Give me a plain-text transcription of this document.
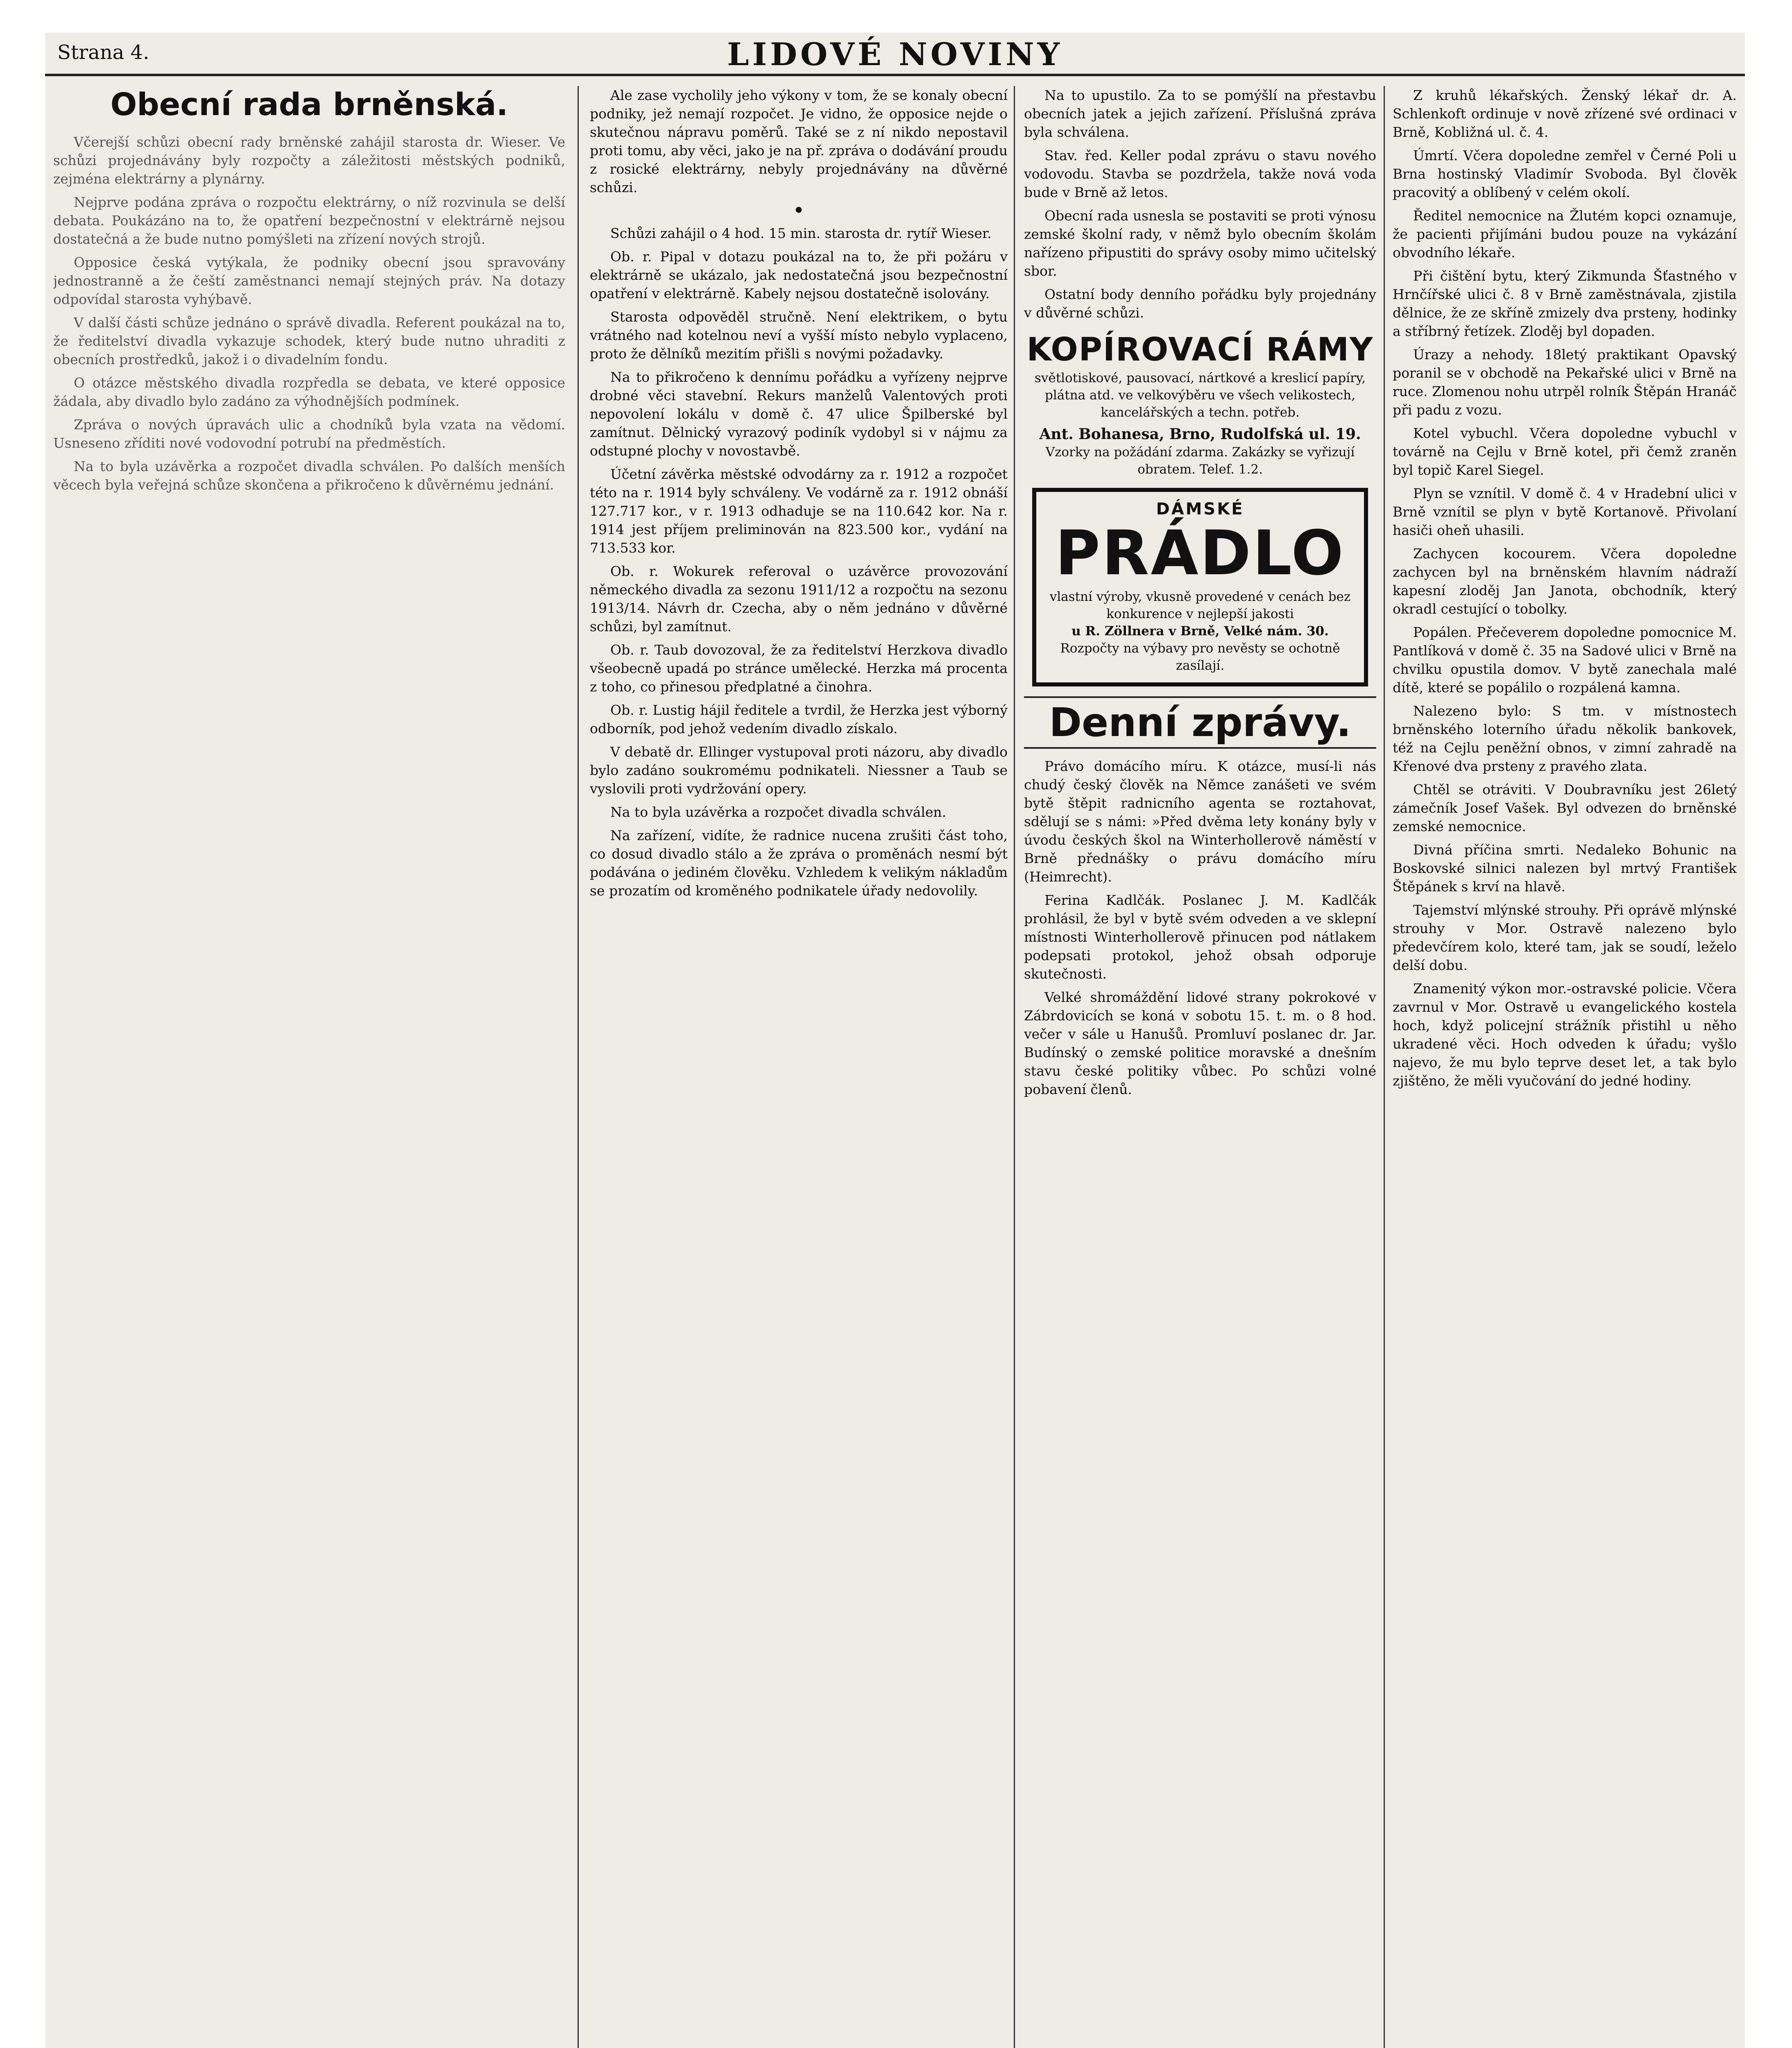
Strana 4.	LIDOVÉ NOVINY
Obecní rada brněnská.

Včerejší schůzi obecní rady brněnské zahájil starosta dr. Wieser. Ve schůzi projednávány byly rozpočty a záležitosti městských podniků, zejména elektrárny a plynárny.

Nejprve podána zpráva o rozpočtu elektrárny, o níž rozvinula se delší debata. Poukázáno na to, že opatření bezpečnostní v elektrárně nejsou dostatečná a že bude nutno pomýšleti na zřízení nových strojů.

Opposice česká vytýkala, že podniky obecní jsou spravovány jednostranně a že čeští zaměstnanci nemají stejných práv. Na dotazy odpovídal starosta vyhýbavě.

V další části schůze jednáno o správě divadla. Referent poukázal na to, že ředitelství divadla vykazuje schodek, který bude nutno uhraditi z obecních prostředků, jakož i o divadelním fondu.

O otázce městského divadla rozpředla se debata, ve které opposice žádala, aby divadlo bylo zadáno za výhodnějších podmínek.

Zpráva o nových úpravách ulic a chodníků byla vzata na vědomí. Usneseno zříditi nové vodovodní potrubí na předměstích.

Na to byla uzávěrka a rozpočet divadla schválen. Po dalších menších věcech byla veřejná schůze skončena a přikročeno k důvěrnému jednání.

Ale zase vycholily jeho výkony v tom, že se konaly obecní podniky, jež nemají rozpočet. Je vidno, že opposice nejde o skutečnou nápravu poměrů. Také se z ní nikdo nepostavil proti tomu, aby věci, jako je na př. zpráva o dodávání proudu z rosické elektrárny, nebyly projednávány na důvěrné schůzi.

•

Schůzi zahájil o 4 hod. 15 min. starosta dr. rytíř Wieser.

Ob. r. Pipal v dotazu poukázal na to, že při požáru v elektrárně se ukázalo, jak nedostatečná jsou bezpečnostní opatření v elektrárně. Kabely nejsou dostatečně isolovány.

Starosta odpověděl stručně. Není elektrikem, o bytu vrátného nad kotelnou neví a vyšší místo nebylo vyplaceno, proto že dělníků mezitím přišli s novými požadavky.

Na to přikročeno k dennímu pořádku a vyřízeny nejprve drobné věci stavební. Rekurs manželů Valentových proti nepovolení lokálu v domě č. 47 ulice Špilberské byl zamítnut. Dělnický vyrazový podiník vydobyl si v nájmu za odstupné plochy v novostavbě.

Účetní závěrka městské odvodárny za r. 1912 a rozpočet této na r. 1914 byly schváleny. Ve vodárně za r. 1912 obnáší 127.717 kor., v r. 1913 odhaduje se na 110.642 kor. Na r. 1914 jest příjem preliminován na 823.500 kor., vydání na 713.533 kor.

Ob. r. Wokurek referoval o uzávěrce provozování německého divadla za sezonu 1911/12 a rozpočtu na sezonu 1913/14. Návrh dr. Czecha, aby o něm jednáno v důvěrné schůzi, byl zamítnut.

Ob. r. Taub dovozoval, že za ředitelství Herzkova divadlo všeobecně upadá po stránce umělecké. Herzka má procenta z toho, co přinesou předplatné a činohra.

Ob. r. Lustig hájil ředitele a tvrdil, že Herzka jest výborný odborník, pod jehož vedením divadlo získalo.

V debatě dr. Ellinger vystupoval proti názoru, aby divadlo bylo zadáno soukromému podnikateli. Niessner a Taub se vyslovili proti vydržování opery.

Na to byla uzávěrka a rozpočet divadla schválen.

Na zařízení, vidíte, že radnice nucena zrušiti část toho, co dosud divadlo stálo a že zpráva o proměnách nesmí být podávána o jediném člověku. Vzhledem k velikým nákladům se prozatím od kroměného podnikatele úřady nedovolily.

Na to upustilo. Za to se pomýšlí na přestavbu obecních jatek a jejich zařízení. Příslušná zpráva byla schválena.

Stav. řed. Keller podal zprávu o stavu nového vodovodu. Stavba se pozdržela, takže nová voda bude v Brně až letos.

Obecní rada usnesla se postaviti se proti výnosu zemské školní rady, v němž bylo obecním školám nařízeno připustiti do správy osoby mimo učitelský sbor.

Ostatní body denního pořádku byly projednány v důvěrné schůzi.

KOPÍROVACÍ RÁMY
světlotiskové, pausovací, nártkové a kreslicí papíry, plátna atd. ve velkovýběru ve všech velikostech, kancelářských a techn. potřeb.
Ant. Bohanesa, Brno, Rudolfská ul. 19.
Vzorky na požádání zdarma. Zakázky se vyřizují obratem. Telef. 1.2.
DÁMSKÉ
PRÁDLO
vlastní výroby, vkusně provedené v cenách bez konkurence v nejlepší jakosti
u R. Zöllnera v Brně, Velké nám. 30.
Rozpočty na výbavy pro nevěsty se ochotně zasílají.
Denní zprávy.

Právo domácího míru. K otázce, musí-li nás chudý český člověk na Němce zanášeti ve svém bytě štěpit radnicního agenta se roztahovat, sdělují se s námi: »Před dvěma lety konány byly v úvodu českých škol na Winterhollerově náměstí v Brně přednášky o právu domácího míru (Heimrecht).

Ferina Kadlčák. Poslanec J. M. Kadlčák prohlásil, že byl v bytě svém odveden a ve sklepní místnosti Winterhollerově přinucen pod nátlakem podepsati protokol, jehož obsah odporuje skutečnosti.

Velké shromáždění lidové strany pokrokové v Zábrdovicích se koná v sobotu 15. t. m. o 8 hod. večer v sále u Hanušů. Promluví poslanec dr. Jar. Budínský o zemské politice moravské a dnešním stavu české politiky vůbec. Po schůzi volné pobavení členů.

Z kruhů lékařských. Ženský lékař dr. A. Schlenkoft ordinuje v nově zřízené své ordinaci v Brně, Kobližná ul. č. 4.

Úmrtí. Včera dopoledne zemřel v Černé Poli u Brna hostinský Vladimír Svoboda. Byl člověk pracovitý a oblíbený v celém okolí.

Ředitel nemocnice na Žlutém kopci oznamuje, že pacienti přijímáni budou pouze na vykázání obvodního lékaře.

Při čištění bytu, který Zikmunda Šťastného v Hrnčířské ulici č. 8 v Brně zaměstnávala, zjistila dělnice, že ze skříně zmizely dva prsteny, hodinky a stříbrný řetízek. Zloděj byl dopaden.

Úrazy a nehody. 18letý praktikant Opavský poranil se v obchodě na Pekařské ulici v Brně na ruce. Zlomenou nohu utrpěl rolník Štěpán Hranáč při padu z vozu.

Kotel vybuchl. Včera dopoledne vybuchl v továrně na Cejlu v Brně kotel, při čemž zraněn byl topič Karel Siegel.

Plyn se vznítil. V domě č. 4 v Hradební ulici v Brně vznítil se plyn v bytě Kortanově. Přivolaní hasiči oheň uhasili.

Zachycen kocourem. Včera dopoledne zachycen byl na brněnském hlavním nádraží kapesní zloděj Jan Janota, obchodník, který okradl cestující o tobolky.

Popálen. Přečeverem dopoledne pomocnice M. Pantlíková v domě č. 35 na Sadové ulici v Brně na chvilku opustila domov. V bytě zanechala malé dítě, které se popálilo o rozpálená kamna.

Nalezeno bylo: S tm. v místnostech brněnského loterního úřadu několik bankovek, též na Cejlu peněžní obnos, v zimní zahradě na Křenové dva prsteny z pravého zlata.

Chtěl se otráviti. V Doubravníku jest 26letý zámečník Josef Vašek. Byl odvezen do brněnské zemské nemocnice.

Divná příčina smrti. Nedaleko Bohunic na Boskovské silnici nalezen byl mrtvý František Štěpánek s krví na hlavě.

Tajemství mlýnské strouhy. Při oprávě mlýnské strouhy v Mor. Ostravě nalezeno bylo předevčírem kolo, které tam, jak se soudí, leželo delší dobu.

Znamenitý výkon mor.-ostravské policie. Včera zavrnul v Mor. Ostravě u evangelického kostela hoch, když policejní strážník přistihl u něho ukradené věci. Hoch odveden k úřadu; vyšlo najevo, že mu bylo teprve deset let, a tak bylo zjištěno, že měli vyučování do jedné hodiny.
